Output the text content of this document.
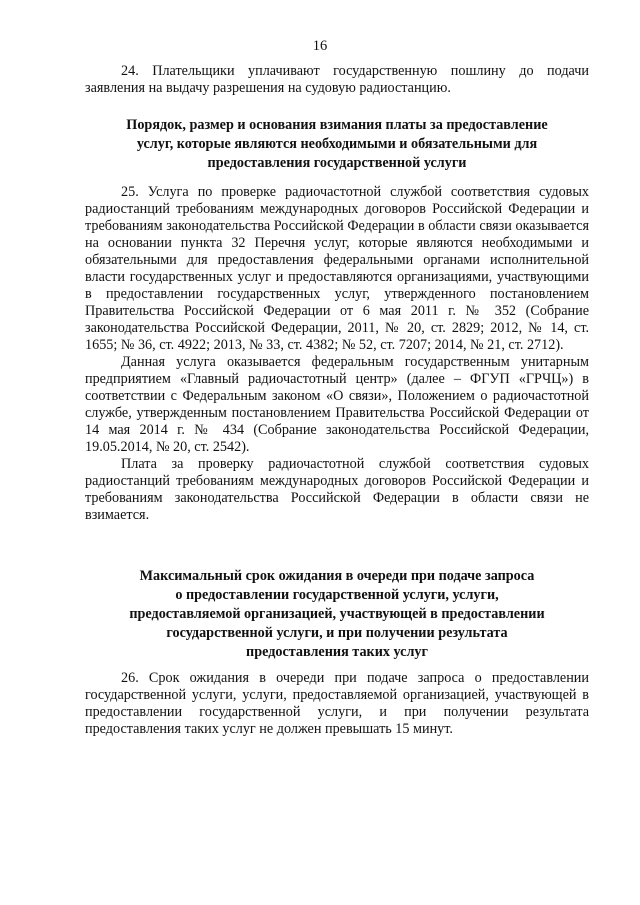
16

24. Плательщики уплачивают государственную пошлину до подачи заявления на выдачу разрешения на судовую радиостанцию.

Порядок, размер и основания взимания платы за предоставление
услуг, которые являются необходимыми и обязательными для
предоставления государственной услуги

25. Услуга по проверке радиочастотной службой соответствия судовых радиостанций требованиям международных договоров Российской Федерации и требованиям законодательства Российской Федерации в области связи оказывается на основании пункта 32 Перечня услуг, которые являются необходимыми и обязательными для предоставления федеральными органами исполнительной власти государственных услуг и предоставляются организациями, участвующими в предоставлении государственных услуг, утвержденного постановлением Правительства Российской Федерации от 6 мая 2011 г. № 352 (Собрание законодательства Российской Федерации, 2011, № 20, ст. 2829; 2012, № 14, ст. 1655; № 36, ст. 4922; 2013, № 33, ст. 4382; № 52, ст. 7207; 2014, № 21, ст. 2712).

Данная услуга оказывается федеральным государственным унитарным предприятием «Главный радиочастотный центр» (далее – ФГУП «ГРЧЦ») в соответствии с Федеральным законом «О связи», Положением о радиочастотной службе, утвержденным постановлением Правительства Российской Федерации от 14 мая 2014 г. № 434 (Собрание законодательства Российской Федерации, 19.05.2014, № 20, ст. 2542).

Плата за проверку радиочастотной службой соответствия судовых радиостанций требованиям международных договоров Российской Федерации и требованиям законодательства Российской Федерации в области связи не взимается.

Максимальный срок ожидания в очереди при подаче запроса
о предоставлении государственной услуги, услуги,
предоставляемой организацией, участвующей в предоставлении
государственной услуги, и при получении результата
предоставления таких услуг

26. Срок ожидания в очереди при подаче запроса о предоставлении государственной услуги, услуги, предоставляемой организацией, участвующей в предоставлении государственной услуги, и при получении результата предоставления таких услуг не должен превышать 15 минут.
